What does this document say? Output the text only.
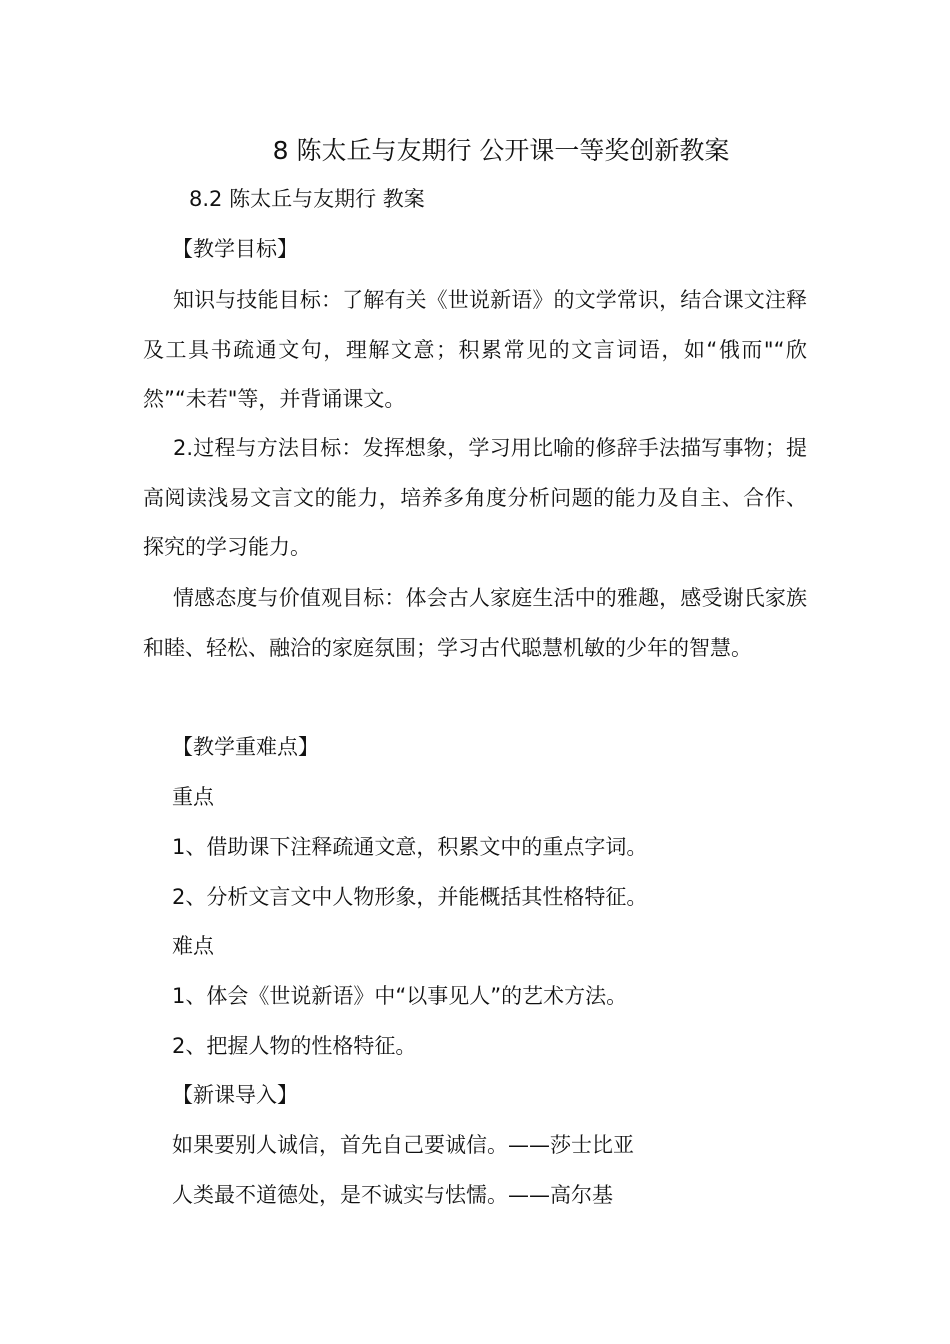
8 陈太丘与友期行 公开课一等奖创新教案
8.2 陈太丘与友期行 教案
【教学目标】
知识与技能目标：了解有关《世说新语》的文学常识，结合课文注释及工具书疏通文句，理解文意；积累常见的文言词语，如“俄而"“欣然”“未若"等，并背诵课文。
2.过程与方法目标：发挥想象，学习用比喻的修辞手法描写事物；提高阅读浅易文言文的能力，培养多角度分析问题的能力及自主、合作、探究的学习能力。
情感态度与价值观目标：体会古人家庭生活中的雅趣，感受谢氏家族和睦、轻松、融洽的家庭氛围；学习古代聪慧机敏的少年的智慧。
【教学重难点】
重点
1、借助课下注释疏通文意，积累文中的重点字词。
2、分析文言文中人物形象，并能概括其性格特征。
难点
1、体会《世说新语》中“以事见人”的艺术方法。
2、把握人物的性格特征。
【新课导入】
如果要别人诚信，首先自己要诚信。——莎士比亚
人类最不道德处，是不诚实与怯懦。——高尔基
